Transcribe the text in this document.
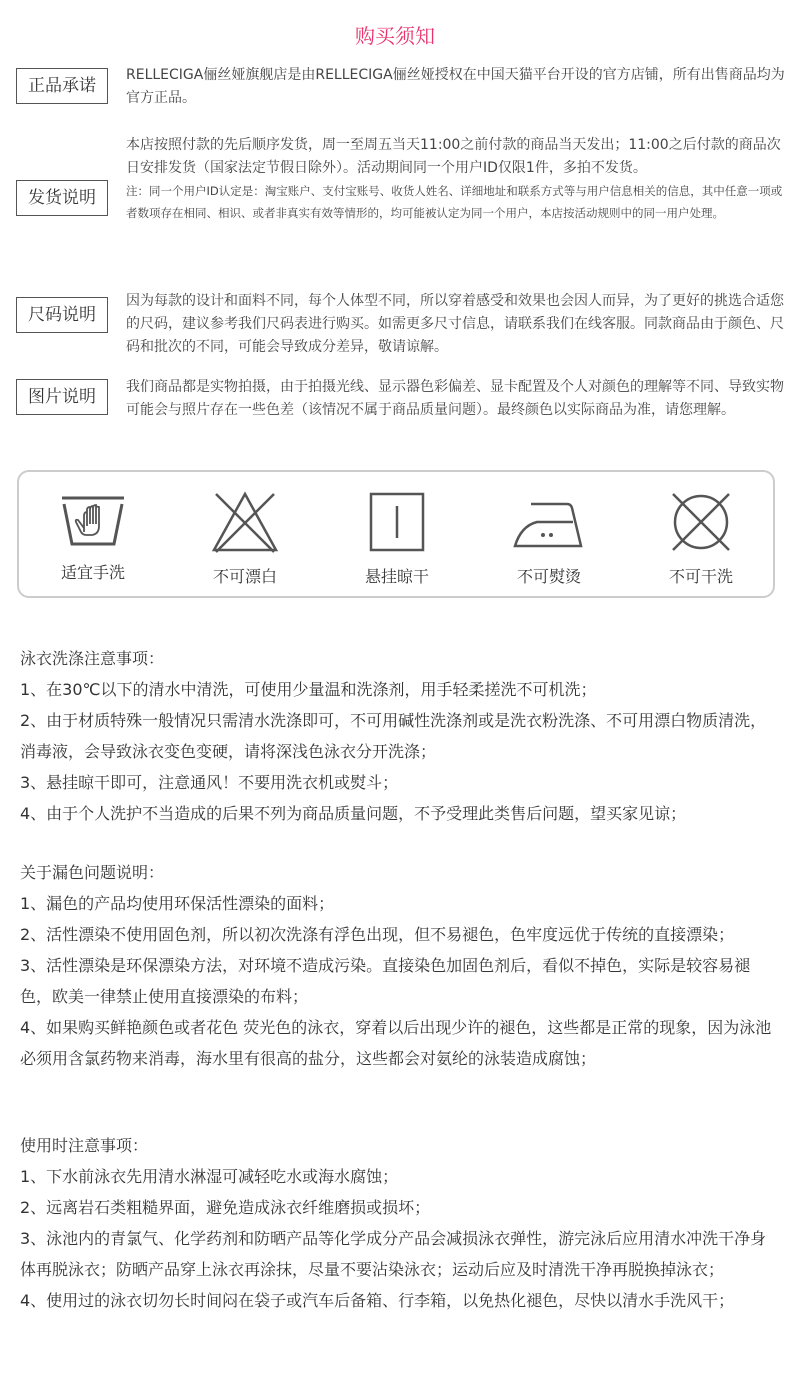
购买须知
正品承诺
RELLECIGA俪丝娅旗舰店是由RELLECIGA俪丝娅授权在中国天猫平台开设的官方店铺，所有出售商品均为官方正品。
发货说明
本店按照付款的先后顺序发货，周一至周五当天11:00之前付款的商品当天发出；11:00之后付款的商品次日安排发货（国家法定节假日除外）。活动期间同一个用户ID仅限1件，多拍不发货。
注：同一个用户ID认定是：淘宝账户、支付宝账号、收货人姓名、详细地址和联系方式等与用户信息相关的信息，其中任意一项或者数项存在相同、相识、或者非真实有效等情形的，均可能被认定为同一个用户，本店按活动规则中的同一用户处理。
尺码说明
因为每款的设计和面料不同，每个人体型不同，所以穿着感受和效果也会因人而异，为了更好的挑选合适您的尺码，建议参考我们尺码表进行购买。如需更多尺寸信息，请联系我们在线客服。同款商品由于颜色、尺码和批次的不同，可能会导致成分差异，敬请谅解。
图片说明	我们商品都是实物拍摄，由于拍摄光线、显示器色彩偏差、显卡配置及个人对颜色的理解等不同、导致实物可能会与照片存在一些色差（该情况不属于商品质量问题）。最终颜色以实际商品为准，请您理解。
适宜手洗	不可漂白	悬挂晾干	不可熨烫	不可干洗

泳衣洗涤注意事项：

1、在30℃以下的清水中清洗，可使用少量温和洗涤剂，用手轻柔搓洗不可机洗；

2、由于材质特殊一般情况只需清水洗涤即可，不可用碱性洗涤剂或是洗衣粉洗涤、不可用漂白物质清洗，消毒液，会导致泳衣变色变硬，请将深浅色泳衣分开洗涤；

3、悬挂晾干即可，注意通风！不要用洗衣机或熨斗；

4、由于个人洗护不当造成的后果不列为商品质量问题，不予受理此类售后问题，望买家见谅；

关于漏色问题说明：

1、漏色的产品均使用环保活性漂染的面料；

2、活性漂染不使用固色剂，所以初次洗涤有浮色出现，但不易褪色，色牢度远优于传统的直接漂染；

3、活性漂染是环保漂染方法，对环境不造成污染。直接染色加固色剂后，看似不掉色，实际是较容易褪色，欧美一律禁止使用直接漂染的布料；

4、如果购买鲜艳颜色或者花色 荧光色的泳衣，穿着以后出现少许的褪色，这些都是正常的现象，因为泳池必须用含氯药物来消毒，海水里有很高的盐分，这些都会对氨纶的泳装造成腐蚀；

使用时注意事项：

1、下水前泳衣先用清水淋湿可减轻吃水或海水腐蚀；

2、远离岩石类粗糙界面，避免造成泳衣纤维磨损或损坏；

3、泳池内的青氯气、化学药剂和防晒产品等化学成分产品会减损泳衣弹性，游完泳后应用清水冲洗干净身体再脱泳衣；防晒产品穿上泳衣再涂抹，尽量不要沾染泳衣；运动后应及时清洗干净再脱换掉泳衣；

4、使用过的泳衣切勿长时间闷在袋子或汽车后备箱、行李箱，以免热化褪色，尽快以清水手洗风干；
